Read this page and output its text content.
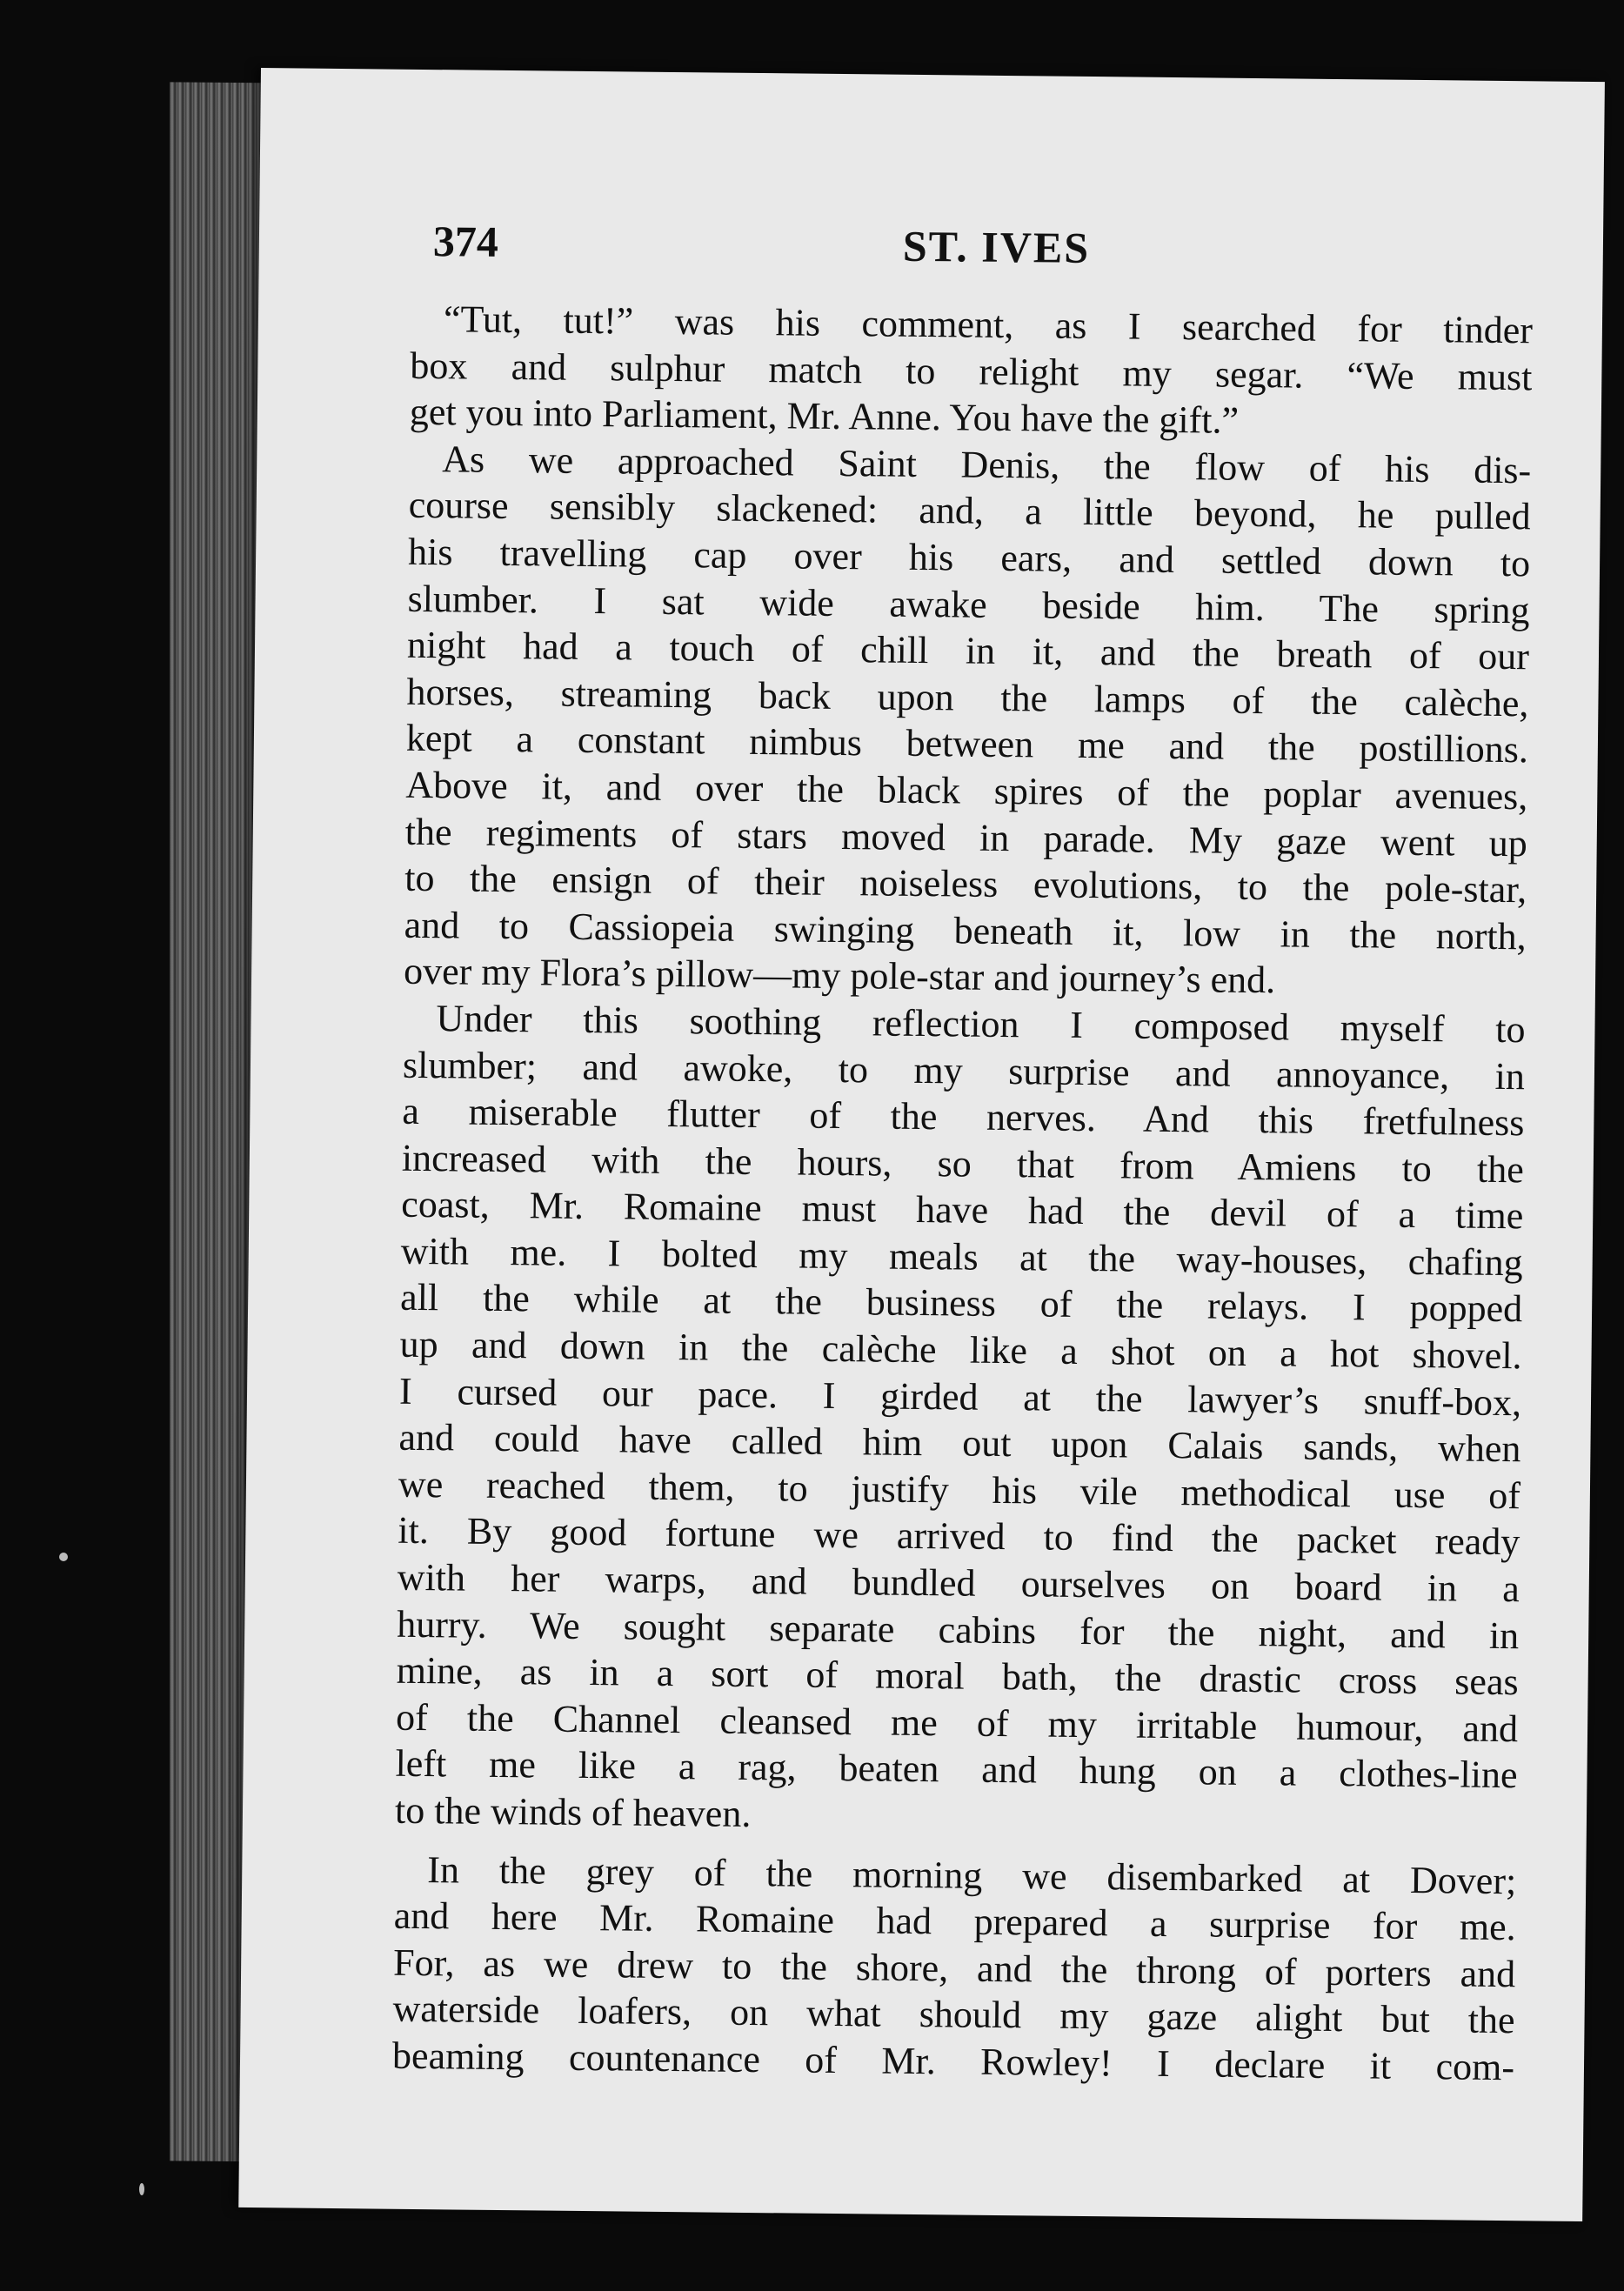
374	ST. IVES
“Tut, tut!” was his comment, as I searched for tinder
box and sulphur match to relight my segar. “We must
get you into Parliament, Mr. Anne. You have the gift.”
As we approached Saint Denis, the flow of his dis-
course sensibly slackened: and, a little beyond, he pulled
his travelling cap over his ears, and settled down to
slumber. I sat wide awake beside him. The spring
night had a touch of chill in it, and the breath of our
horses, streaming back upon the lamps of the calèche,
kept a constant nimbus between me and the postillions.
Above it, and over the black spires of the poplar avenues,
the regiments of stars moved in parade. My gaze went up
to the ensign of their noiseless evolutions, to the pole-star,
and to Cassiopeia swinging beneath it, low in the north,
over my Flora’s pillow—my pole-star and journey’s end.
Under this soothing reflection I composed myself to
slumber; and awoke, to my surprise and annoyance, in
a miserable flutter of the nerves. And this fretfulness
increased with the hours, so that from Amiens to the
coast, Mr. Romaine must have had the devil of a time
with me. I bolted my meals at the way-houses, chafing
all the while at the business of the relays. I popped
up and down in the calèche like a shot on a hot shovel.
I cursed our pace. I girded at the lawyer’s snuff-box,
and could have called him out upon Calais sands, when
we reached them, to justify his vile methodical use of
it. By good fortune we arrived to find the packet ready
with her warps, and bundled ourselves on board in a
hurry. We sought separate cabins for the night, and in
mine, as in a sort of moral bath, the drastic cross seas
of the Channel cleansed me of my irritable humour, and
left me like a rag, beaten and hung on a clothes-line
to the winds of heaven.
In the grey of the morning we disembarked at Dover;
and here Mr. Romaine had prepared a surprise for me.
For, as we drew to the shore, and the throng of porters and
waterside loafers, on what should my gaze alight but the
beaming countenance of Mr. Rowley! I declare it com-
